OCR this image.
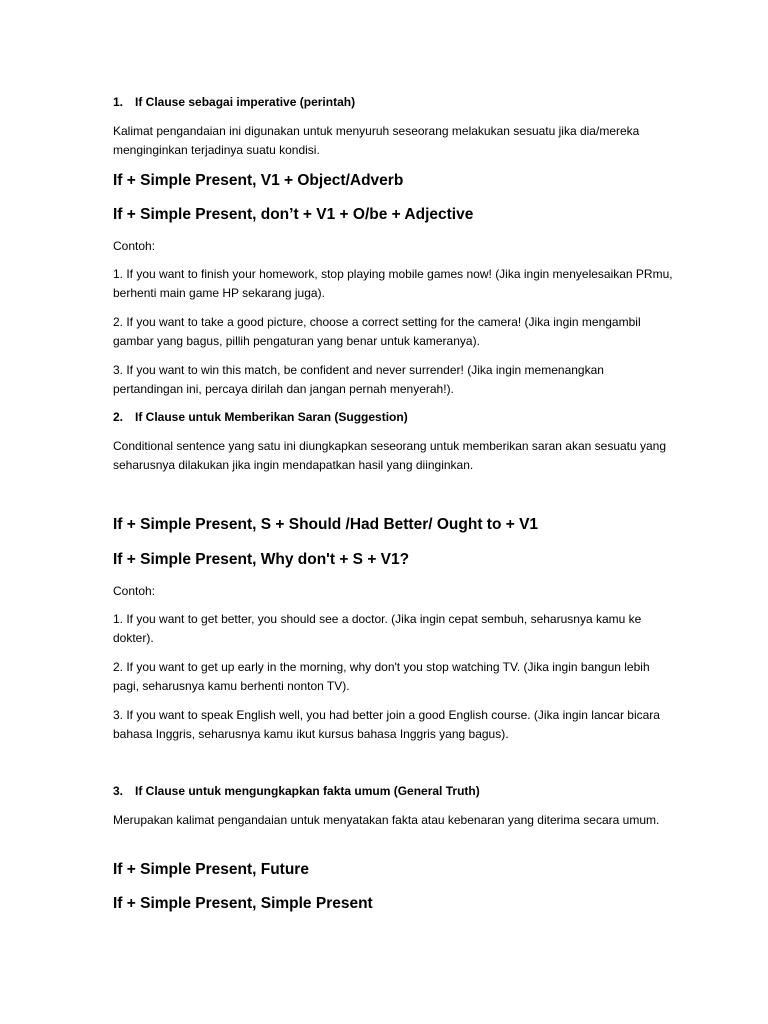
1. If Clause sebagai imperative (perintah)
Kalimat pengandaian ini digunakan untuk menyuruh seseorang melakukan sesuatu jika dia/mereka menginginkan terjadinya suatu kondisi.
If + Simple Present, V1 + Object/Adverb
If + Simple Present, don’t + V1 + O/be + Adjective
Contoh:
1. If you want to finish your homework, stop playing mobile games now! (Jika ingin menyelesaikan PRmu, berhenti main game HP sekarang juga).
2. If you want to take a good picture, choose a correct setting for the camera! (Jika ingin mengambil gambar yang bagus, pillih pengaturan yang benar untuk kameranya).
3. If you want to win this match, be confident and never surrender! (Jika ingin memenangkan pertandingan ini, percaya dirilah dan jangan pernah menyerah!).
2. If Clause untuk Memberikan Saran (Suggestion)
Conditional sentence yang satu ini diungkapkan seseorang untuk memberikan saran akan sesuatu yang seharusnya dilakukan jika ingin mendapatkan hasil yang diinginkan.
If + Simple Present, S + Should /Had Better/ Ought to + V1
If + Simple Present, Why don't + S + V1?
Contoh:
1. If you want to get better, you should see a doctor. (Jika ingin cepat sembuh, seharusnya kamu ke dokter).
2. If you want to get up early in the morning, why don't you stop watching TV. (Jika ingin bangun lebih pagi, seharusnya kamu berhenti nonton TV).
3. If you want to speak English well, you had better join a good English course. (Jika ingin lancar bicara bahasa Inggris, seharusnya kamu ikut kursus bahasa Inggris yang bagus).
3. If Clause untuk mengungkapkan fakta umum (General Truth)
Merupakan kalimat pengandaian untuk menyatakan fakta atau kebenaran yang diterima secara umum.
If + Simple Present, Future
If + Simple Present, Simple Present
